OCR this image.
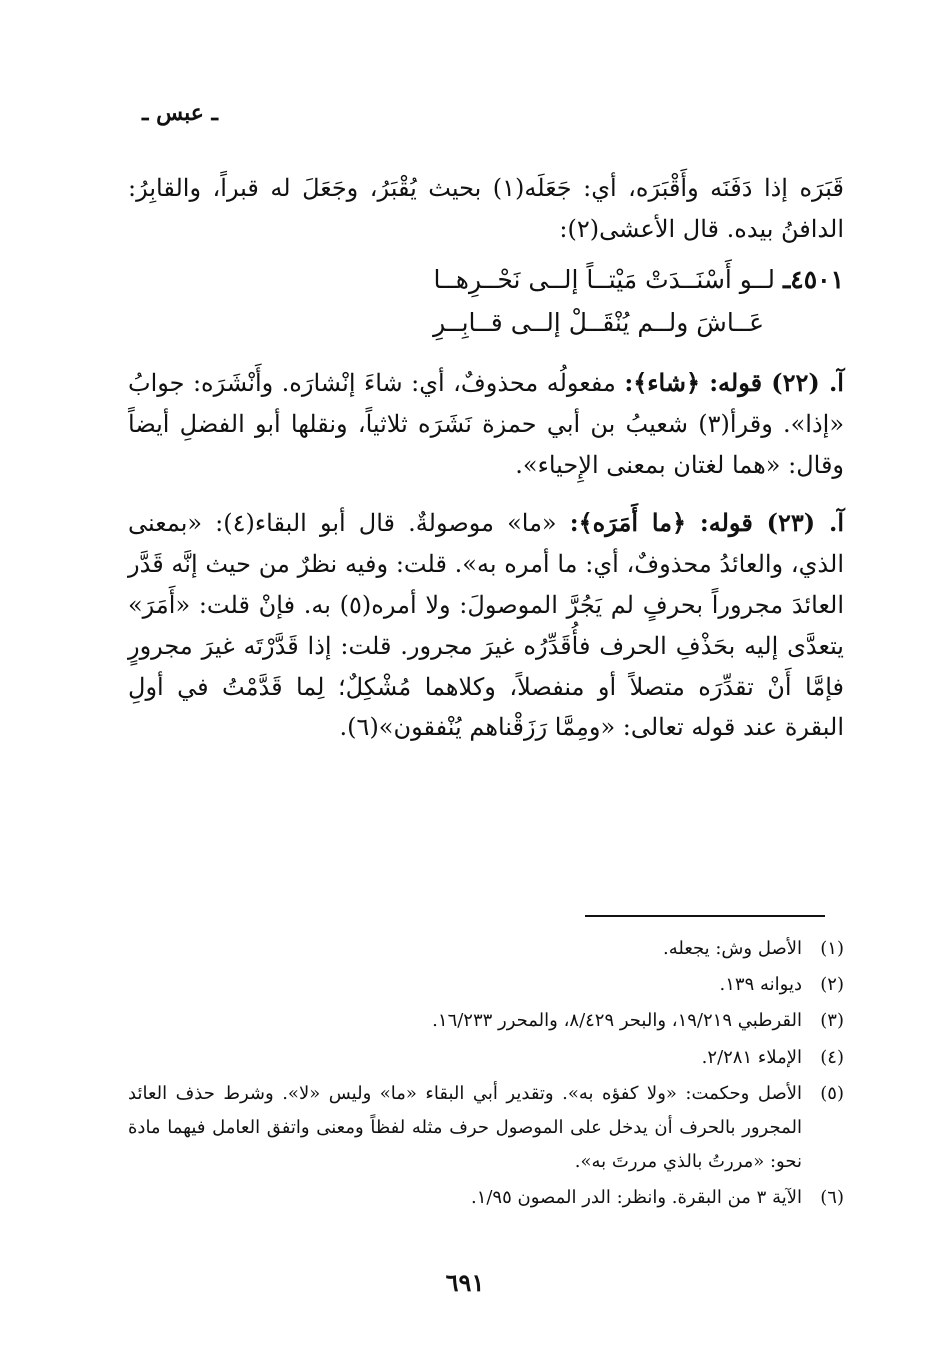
ـ عبس ـ

قَبَرَه إذا دَفَنَه وأَقْبَرَه، أي: جَعَلَه(١) بحيث يُقْبَرُ، وجَعَلَ له قبراً، والقابِرُ: الدافنُ بيده. قال الأعشى(٢):

٤٥٠١ـ لــو أَسْنَــدَتْ مَيْتــاً إلــى نَحْــرِهــا
عَــاشَ ولــم يُنْقَــلْ إلــى قــابِــرِ

آ. (٢٢) قوله: ﴿شاء﴾: مفعولُه محذوفٌ، أي: شاءَ إنْشارَه. وأَنْشَرَه: جوابُ «إذا». وقرأ(٣) شعيبُ بن أبي حمزة نَشَرَه ثلاثياً، ونقلها أبو الفضلِ أيضاً وقال: «هما لغتان بمعنى الإِحياء».

آ. (٢٣) قوله: ﴿ما أَمَرَه﴾: «ما» موصولةٌ. قال أبو البقاء(٤): «بمعنى الذي، والعائدُ محذوفٌ، أي: ما أمره به». قلت: وفيه نظرٌ من حيث إنَّه قَدَّر العائدَ مجروراً بحرفٍ لم يَجُرَّ الموصولَ: ولا أمره(٥) به. فإنْ قلت: «أَمَرَ» يتعدَّى إليه بحَذْفِ الحرف فأُقَدِّرُه غيرَ مجرور. قلت: إذا قَدَّرْتَه غيرَ مجرورٍ فإمَّا أَنْ تقدِّرَه متصلاً أو منفصلاً، وكلاهما مُشْكِلٌ؛ لِما قَدَّمْتُ في أولِ البقرة عند قوله تعالى: «ومِمَّا رَزَقْناهم يُنْفقون»(٦).

(١)
الأصل وش: يجعله.
(٢)
ديوانه ١٣٩.
(٣)
القرطبي ١٩/٢١٩، والبحر ٨/٤٢٩، والمحرر ١٦/٢٣٣.
(٤)
الإملاء ٢/٢٨١.
(٥)
الأصل وحكمت: «ولا كفؤه به». وتقدير أبي البقاء «ما» وليس «لا». وشرط حذف العائد المجرور بالحرف أن يدخل على الموصول حرف مثله لفظاً ومعنى واتفق العامل فيهما مادة نحو: «مررتُ بالذي مررتَ به».
(٦)
الآية ٣ من البقرة. وانظر: الدر المصون ١/٩٥.
٦٩١
